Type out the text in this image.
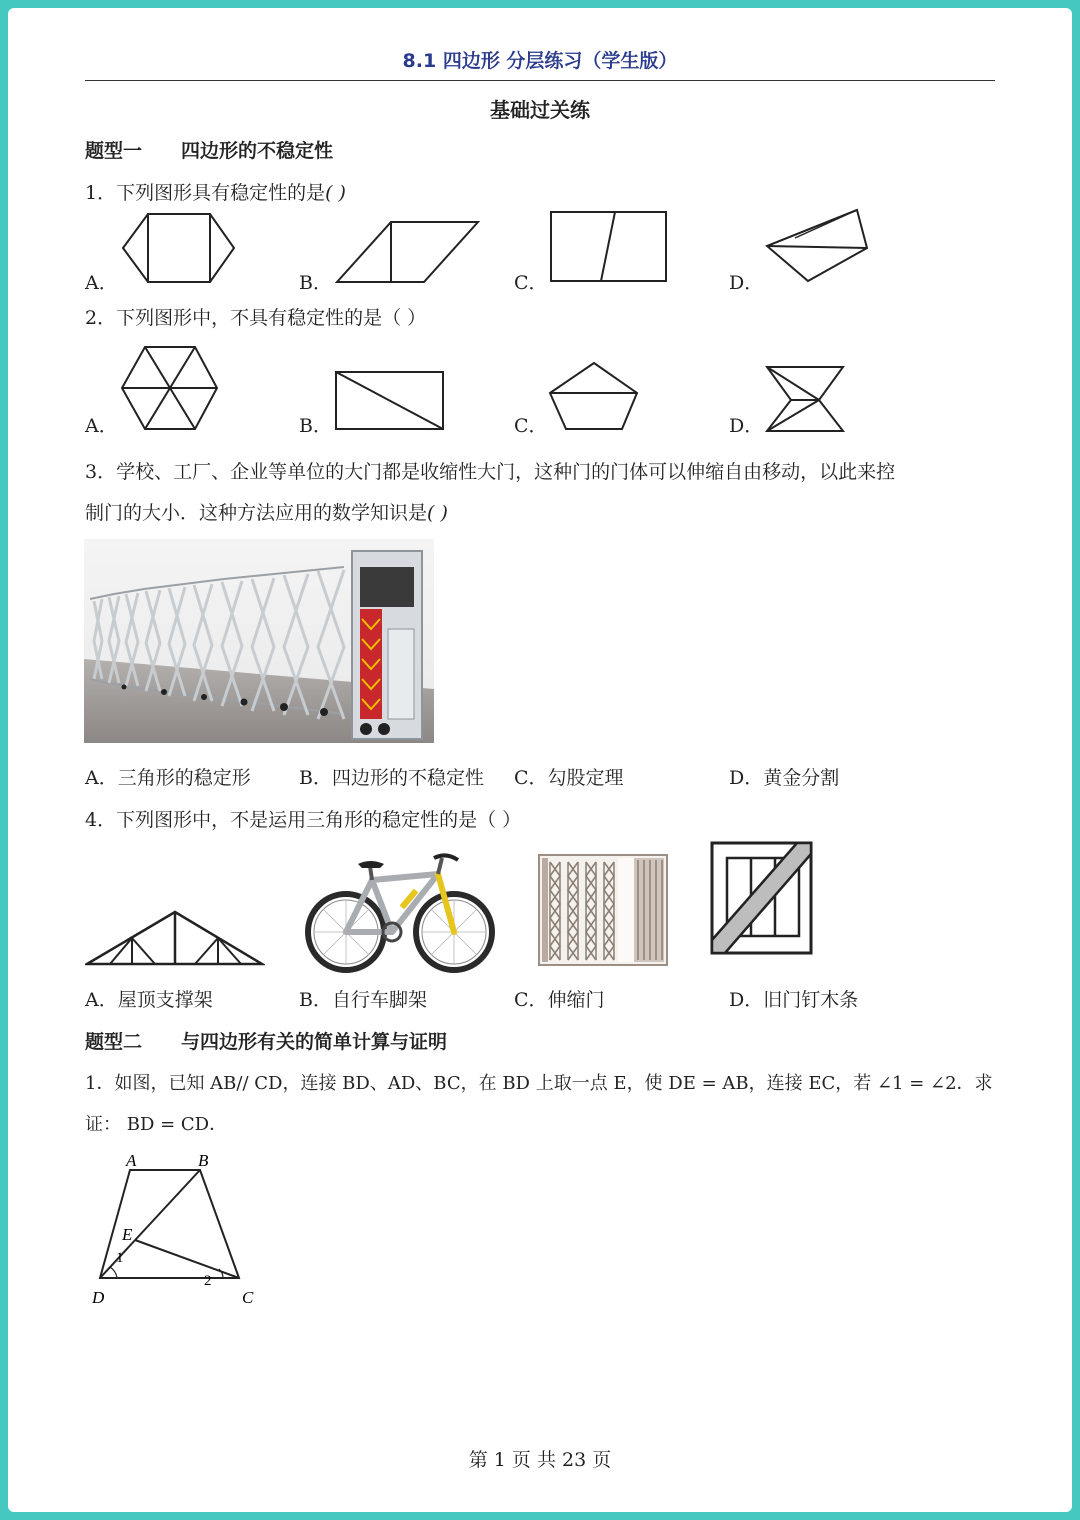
8.1 四边形 分层练习（学生版）
基础过关练
题型一 四边形的不稳定性
1．下列图形具有稳定性的是( )
A．	B．	C．	D．
2．下列图形中，不具有稳定性的是（ ）
A．	B．	C．	D．
3．学校、工厂、企业等单位的大门都是收缩性大门，这种门的门体可以伸缩自由移动，以此来控
制门的大小．这种方法应用的数学知识是( )
A．三角形的稳定形	B．四边形的不稳定性 C．勾股定理	D．黄金分割
4．下列图形中，不是运用三角形的稳定性的是（ ）
A．屋顶支撑架	B．自行车脚架	C．伸缩门	D．旧门钉木条
题型二 与四边形有关的简单计算与证明
1．如图，已知 AB// CD，连接 BD、AD、BC，在 BD 上取一点 E，使 DE = AB，连接 EC，若 ∠1 = ∠2．求
证： BD = CD．
A	B
E
D	C
1
2
第 1 页 共 23 页
